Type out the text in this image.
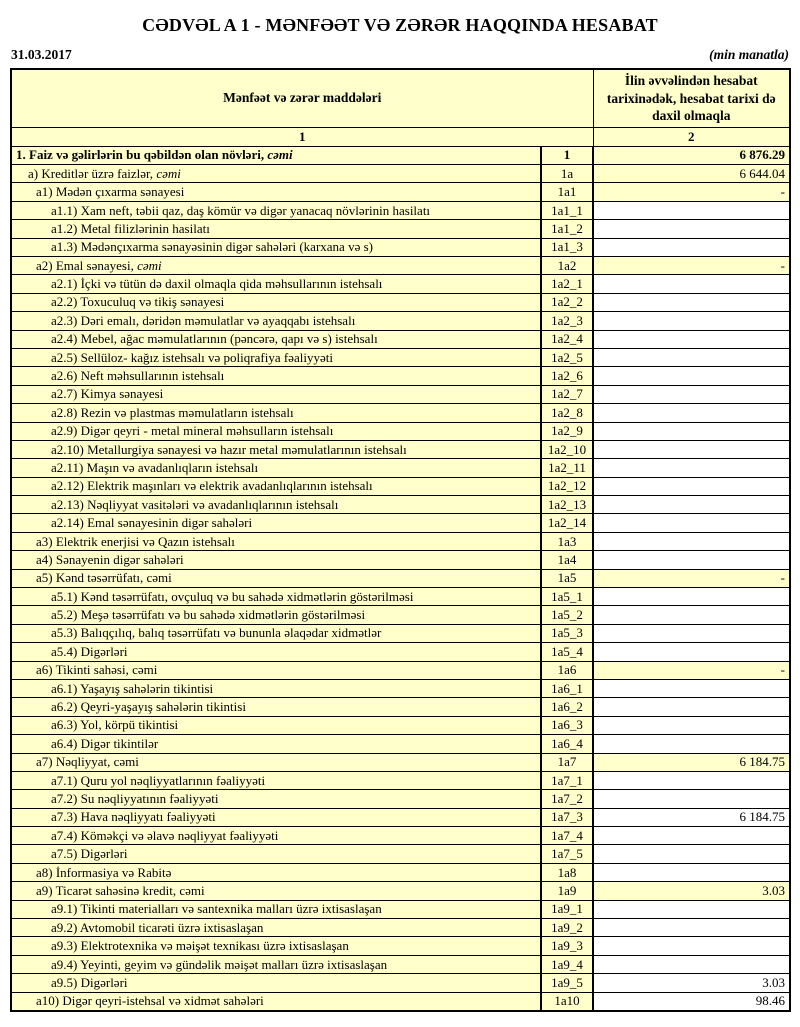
CƏDVƏL A 1 - MƏNFƏƏT VƏ ZƏRƏR HAQQINDA HESABAT
31.03.2017	(min manatla)
Mənfəət və zərər maddələri		İlin əvvəlindən hesabat tarixinədək, hesabat tarixi də daxil olmaqla
1		2
1. Faiz və gəlirlərin bu qəbildən olan növləri, cəmi	1	6 876.29
a) Kreditlər üzrə faizlər, cəmi	1a	6 644.04
a1) Mədən çıxarma sənayesi	1a1	-
a1.1) Xam neft, təbii qaz, daş kömür və digər yanacaq növlərinin hasilatı	1a1_1	
a1.2) Metal filizlərinin hasilatı	1a1_2	
a1.3) Mədənçıxarma sənayəsinin digər sahələri (karxana və s)	1a1_3	
a2) Emal sənayesi, cəmi	1a2	-
a2.1) İçki və tütün də daxil olmaqla qida məhsullarının istehsalı	1a2_1	
a2.2) Toxuculuq və tikiş sənayesi	1a2_2	
a2.3) Dəri emalı, dəridən məmulatlar və ayaqqabı istehsalı	1a2_3	
a2.4) Mebel, ağac məmulatlarının (pəncərə, qapı və s) istehsalı	1a2_4	
a2.5) Sellüloz- kağız istehsalı və poliqrafiya fəaliyyəti	1a2_5	
a2.6) Neft məhsullarının istehsalı	1a2_6	
a2.7) Kimya sənayesi	1a2_7	
a2.8) Rezin və plastmas məmulatların istehsalı	1a2_8	
a2.9) Digər qeyri - metal mineral məhsulların istehsalı	1a2_9	
a2.10) Metallurgiya sənayesi və hazır metal məmulatlarının istehsalı	1a2_10	
a2.11) Maşın və avadanlıqların istehsalı	1a2_11	
a2.12) Elektrik maşınları və elektrik avadanlıqlarının istehsalı	1a2_12	
a2.13) Nəqliyyat vasitələri və avadanlıqlarının istehsalı	1a2_13	
a2.14) Emal sənayesinin digər sahələri	1a2_14	
a3) Elektrik enerjisi və Qazın istehsalı	1a3	
a4) Sənayenin digər sahələri	1a4	
a5) Kənd təsərrüfatı, cəmi	1a5	-
a5.1) Kənd təsərrüfatı, ovçuluq və bu sahədə xidmətlərin göstərilməsi	1a5_1	
a5.2) Meşə təsərrüfatı və bu sahədə xidmətlərin göstərilməsi	1a5_2	
a5.3) Balıqçılıq, balıq təsərrüfatı və bununla əlaqədar xidmətlər	1a5_3	
a5.4) Digərləri	1a5_4	
a6) Tikinti sahəsi, cəmi	1a6	-
a6.1) Yaşayış sahələrin tikintisi	1a6_1	
a6.2) Qeyri-yaşayış sahələrin tikintisi	1a6_2	
a6.3) Yol, körpü tikintisi	1a6_3	
a6.4) Digər tikintilər	1a6_4	
a7) Nəqliyyat, cəmi	1a7	6 184.75
a7.1) Quru yol nəqliyyatlarının fəaliyyəti	1a7_1	
a7.2) Su nəqliyyatının fəaliyyəti	1a7_2	
a7.3) Hava nəqliyyatı fəaliyyəti	1a7_3	6 184.75
a7.4) Köməkçi və əlavə nəqliyyat fəaliyyəti	1a7_4	
a7.5) Digərləri	1a7_5	
a8) İnformasiya və Rabitə	1a8	
a9) Ticarət sahəsinə kredit, cəmi	1a9	3.03
a9.1) Tikinti materialları və santexnika malları üzrə ixtisaslaşan	1a9_1	
a9.2) Avtomobil ticarəti üzrə ixtisaslaşan	1a9_2	
a9.3) Elektrotexnika və məişət texnikası üzrə ixtisaslaşan	1a9_3	
a9.4) Yeyinti, geyim və gündəlik məişət malları üzrə ixtisaslaşan	1a9_4	
a9.5) Digərləri	1a9_5	3.03
a10) Digər qeyri-istehsal və xidmət sahələri	1a10	98.46
